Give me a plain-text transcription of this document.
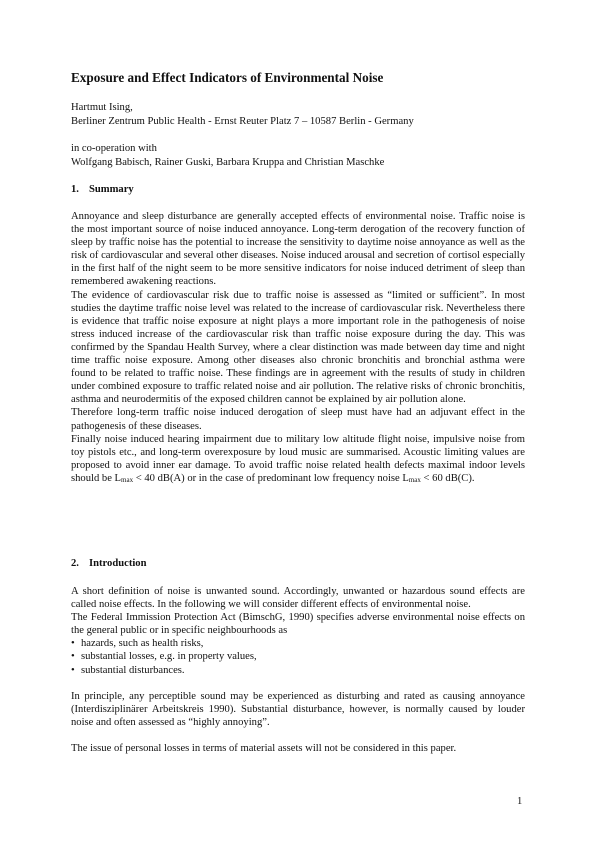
Exposure and Effect Indicators of Environmental Noise
Hartmut Ising,
Berliner Zentrum Public Health - Ernst Reuter Platz 7 – 10587 Berlin - Germany
in co-operation with
Wolfgang Babisch, Rainer Guski, Barbara Kruppa and Christian Maschke
1. Summary

Annoyance and sleep disturbance are generally accepted effects of environmental noise. Traffic noise is the most important source of noise induced annoyance. Long-term derogation of the recovery function of sleep by traffic noise has the potential to increase the sensitivity to daytime noise annoyance as well as the risk of cardiovascular and several other diseases. Noise induced arousal and secretion of cortisol especially in the first half of the night seem to be more sensitive indicators for noise induced detriment of sleep than remembered awakening reactions.

The evidence of cardiovascular risk due to traffic noise is assessed as “limited or sufficient”. In most studies the daytime traffic noise level was related to the increase of cardiovascular risk. Nevertheless there is evidence that traffic noise exposure at night plays a more important role in the pathogenesis of noise stress induced increase of the cardiovascular risk than traffic noise exposure during the day. This was confirmed by the Spandau Health Survey, where a clear distinction was made between day time and night time traffic noise exposure. Among other diseases also chronic bronchitis and bronchial asthma were found to be related to traffic noise. These findings are in agreement with the results of study in children under combined exposure to traffic related noise and air pollution. The relative risks of chronic bronchitis, asthma and neurodermitis of the exposed children cannot be explained by air pollution alone.

Therefore long-term traffic noise induced derogation of sleep must have had an adjuvant effect in the pathogenesis of these diseases.

Finally noise induced hearing impairment due to military low altitude flight noise, impulsive noise from toy pistols etc., and long-term overexposure by loud music are summarised. Acoustic limiting values are proposed to avoid inner ear damage. To avoid traffic noise related health defects maximal indoor levels should be $L_{max} < 40$ dB(A) or in the case of predominant low frequency noise $L_{max} < 60$ dB(C).

2. Introduction

A short definition of noise is unwanted sound. Accordingly, unwanted or hazardous sound effects are called noise effects. In the following we will consider different effects of environmental noise.

The Federal Immission Protection Act (BimschG, 1990) specifies adverse environmental noise effects on the general public or in specific neighbourhoods as

• hazards, such as health risks,
• substantial losses, e.g. in property values,
• substantial disturbances.

In principle, any perceptible sound may be experienced as disturbing and rated as causing annoyance (Interdisziplinärer Arbeitskreis 1990). Substantial disturbance, however, is normally caused by louder noise and often assessed as “highly annoying”.

The issue of personal losses in terms of material assets will not be considered in this paper.

1
